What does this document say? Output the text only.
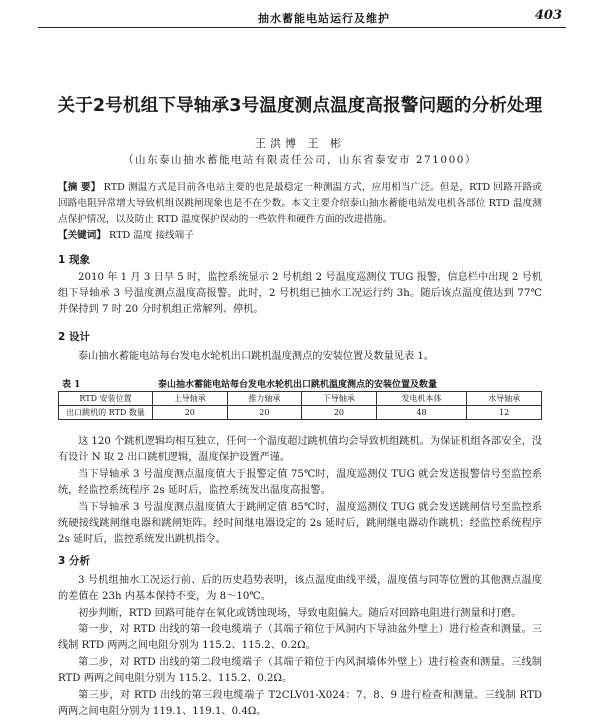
抽水蓄能电站运行及维护	403
关于2号机组下导轴承3号温度测点温度高报警问题的分析处理
王洪博 王 彬
（山东泰山抽水蓄能电站有限责任公司，山东省泰安市 271000）
【摘 要】 RTD 测温方式是目前各电站主要的也是最稳定一种测温方式，应用相当广泛。但是，RTD 回路开路或回路电阻异常增大导致机组误跳闸现象也是不在少数。本文主要介绍泰山抽水蓄能电站发电机各部位 RTD 温度测点保护情况，以及防止 RTD 温度保护误动的一些软件和硬件方面的改进措施。
【关键词】 RTD 温度 接线端子
1 现象
2010 年 1 月 3 日早 5 时，监控系统显示 2 号机组 2 号温度巡测仪 TUG 报警，信息栏中出现 2 号机组下导轴承 3 号温度测点温度高报警。此时，2 号机组已抽水工况运行约 3h。随后该点温度值达到 77℃并保持到 7 时 20 分时机组正常解列、停机。
2 设计
泰山抽水蓄能电站每台发电水轮机出口跳机温度测点的安装位置及数量见表 1。
表 1	泰山抽水蓄能电站每台发电水轮机出口跳机温度测点的安装位置及数量
RTD 安装位置	上导轴承	推力轴承	下导轴承	发电机本体	水导轴承
出口跳机的 RTD 数量	20	20	20	48	12
这 120 个跳机逻辑均相互独立，任何一个温度超过跳机值均会导致机组跳机。为保证机组各部安全，没有设计 N 取 2 出口跳机逻辑，温度保护设置严谨。
当下导轴承 3 号温度测点温度值大于报警定值 75℃时，温度巡测仪 TUG 就会发送报警信号至监控系统，经监控系统程序 2s 延时后，监控系统发出温度高报警。
当下导轴承 3 号温度测点温度值大于跳闸定值 85℃时，温度巡测仪 TUG 就会发送跳闸信号至监控系统硬接线跳闸继电器和跳闸矩阵。经时间继电器设定的 2s 延时后，跳闸继电器动作跳机；经监控系统程序 2s 延时后，监控系统发出跳机指令。
3 分析
3 号机组抽水工况运行前、后的历史趋势表明，该点温度曲线平缓，温度值与同等位置的其他测点温度的差值在 23h 内基本保持不变，为 8～10℃。
初步判断，RTD 回路可能存在氧化或锈蚀现场，导致电阻偏大。随后对回路电阻进行测量和打磨。
第一步，对 RTD 出线的第一段电缆端子（其端子箱位于风洞内下导油盆外壁上）进行检查和测量。三线制 RTD 两两之间电阻分别为 115.2、115.2、0.2Ω。
第二步，对 RTD 出线的第二段电缆端子（其端子箱位于内风洞墙体外壁上）进行检查和测量。三线制 RTD 两两之间电阻分别为 115.2、115.2、0.2Ω。
第三步，对 RTD 出线的第三段电缆端子 T2CLV01-X024：7、8、9 进行检查和测量。三线制 RTD 两两之间电阻分别为 119.1、119.1、0.4Ω。
